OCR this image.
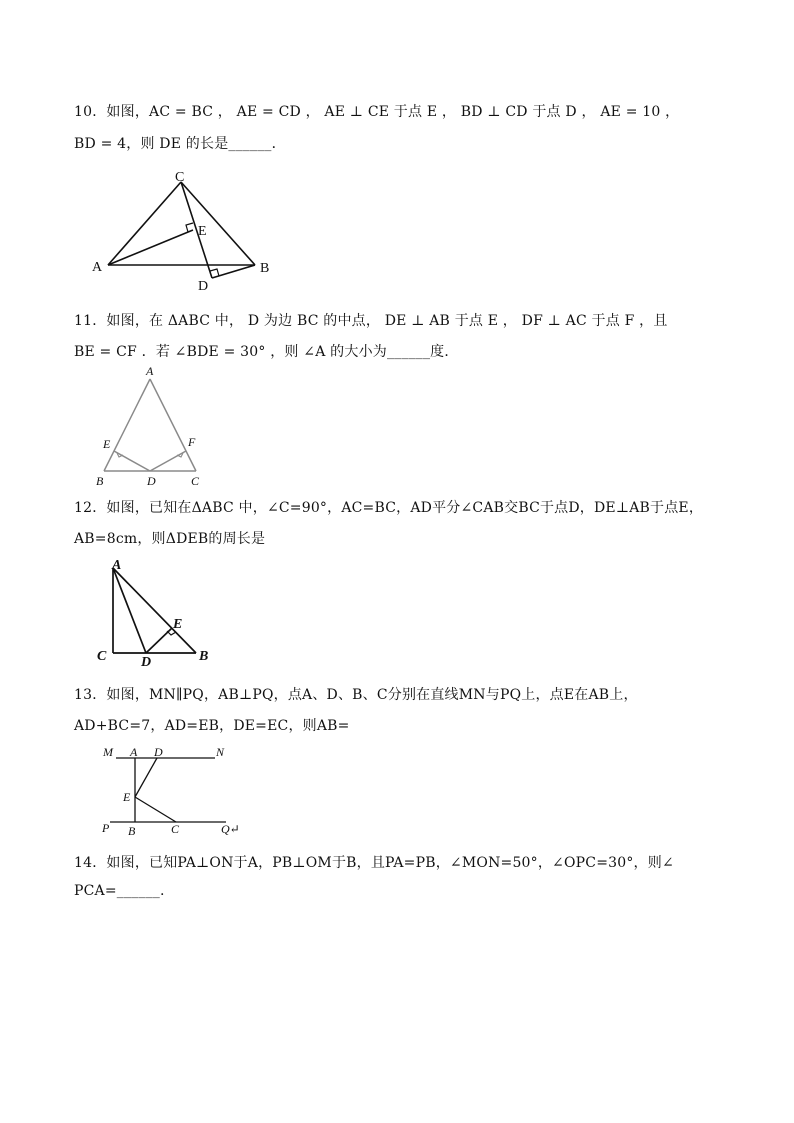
10．如图，AC = BC ， AE = CD ， AE ⊥ CE 于点 E ， BD ⊥ CD 于点 D ， AE = 10 ，
BD = 4，则 DE 的长是______．
C
A	B
E
D
11．如图，在 ΔABC 中， D 为边 BC 的中点， DE ⊥ AB 于点 E ， DF ⊥ AC 于点 F ，且
BE = CF ．若 ∠BDE = 30° ，则 ∠A 的大小为______度．
A
E	F
B	D	C
12．如图，已知在ΔABC 中，∠C=90°，AC=BC，AD平分∠CAB交BC于点D，DE⊥AB于点E，
AB=8cm，则ΔDEB的周长是
A
E
C D	B
13．如图，MN∥PQ，AB⊥PQ，点A、D、B、C分别在直线MN与PQ上，点E在AB上，
AD+BC=7，AD=EB，DE=EC，则AB=
M A D	N
E
P B	C	Q↵
14．如图，已知PA⊥ON于A，PB⊥OM于B，且PA=PB，∠MON=50°，∠OPC=30°，则∠
PCA=______.
